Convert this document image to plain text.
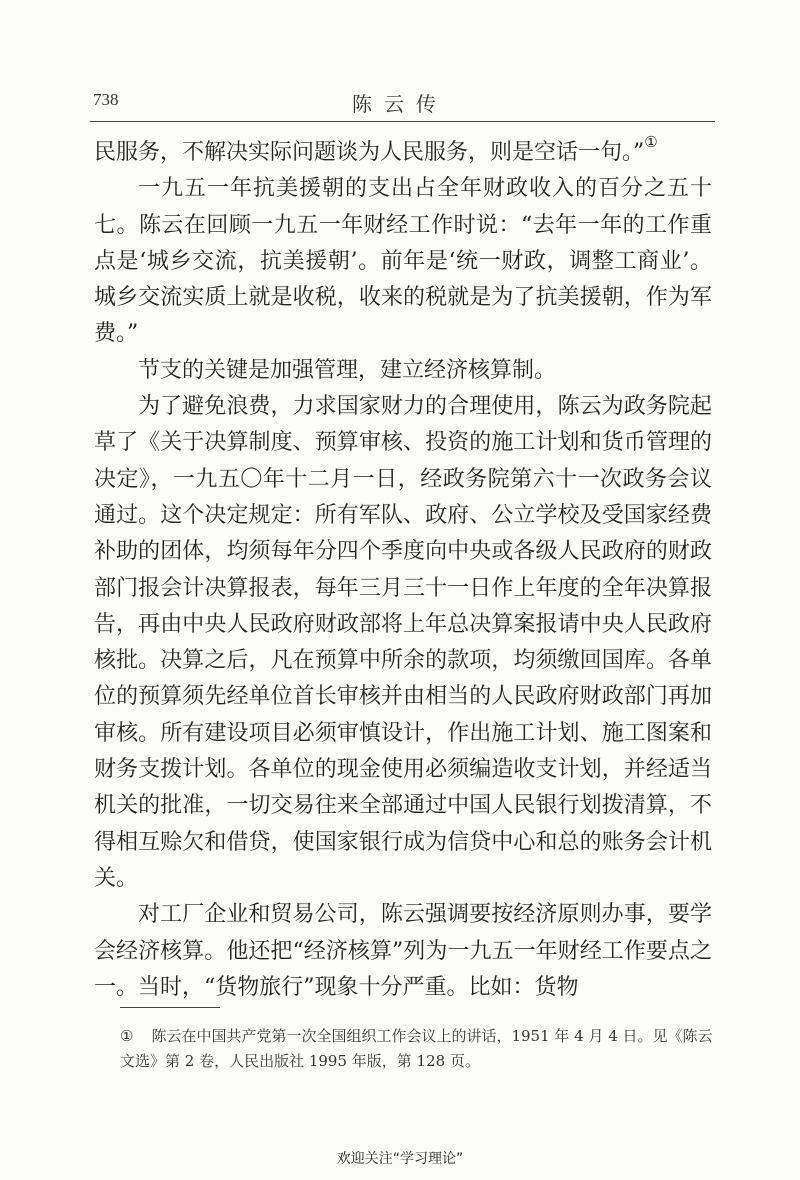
738	陈云传

民服务，不解决实际问题谈为人民服务，则是空话一句。”①

一九五一年抗美援朝的支出占全年财政收入的百分之五十七。陈云在回顾一九五一年财经工作时说：“去年一年的工作重点是‘城乡交流，抗美援朝’。前年是‘统一财政，调整工商业’。城乡交流实质上就是收税，收来的税就是为了抗美援朝，作为军费。”

节支的关键是加强管理，建立经济核算制。

为了避免浪费，力求国家财力的合理使用，陈云为政务院起草了《关于决算制度、预算审核、投资的施工计划和货币管理的决定》，一九五〇年十二月一日，经政务院第六十一次政务会议通过。这个决定规定：所有军队、政府、公立学校及受国家经费补助的团体，均须每年分四个季度向中央或各级人民政府的财政部门报会计决算报表，每年三月三十一日作上年度的全年决算报告，再由中央人民政府财政部将上年总决算案报请中央人民政府核批。决算之后，凡在预算中所余的款项，均须缴回国库。各单位的预算须先经单位首长审核并由相当的人民政府财政部门再加审核。所有建设项目必须审慎设计，作出施工计划、施工图案和财务支拨计划。各单位的现金使用必须编造收支计划，并经适当机关的批准，一切交易往来全部通过中国人民银行划拨清算，不得相互赊欠和借贷，使国家银行成为信贷中心和总的账务会计机关。

对工厂企业和贸易公司，陈云强调要按经济原则办事，要学会经济核算。他还把“经济核算”列为一九五一年财经工作要点之一。当时，“货物旅行”现象十分严重。比如：货物

① 陈云在中国共产党第一次全国组织工作会议上的讲话，1951 年 4 月 4 日。见《陈云文选》第 2 卷，人民出版社 1995 年版，第 128 页。
欢迎关注“学习理论”
